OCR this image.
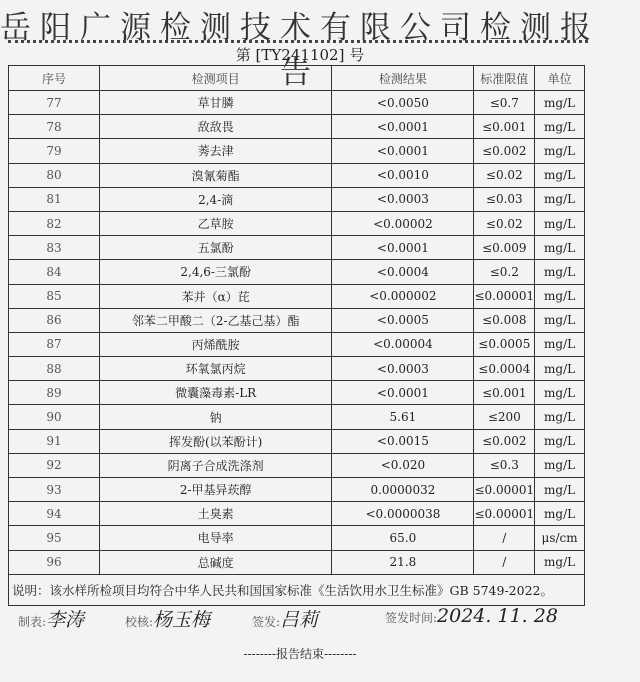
岳阳广源检测技术有限公司检测报告
第 [TY241102] 号
序号	检测项目	检测结果	标准限值	单位
77	草甘膦	<0.0050	≤0.7	mg/L
78	敌敌畏	<0.0001	≤0.001	mg/L
79	莠去津	<0.0001	≤0.002	mg/L
80	溴氰菊酯	<0.0010	≤0.02	mg/L
81	2,4-滴	<0.0003	≤0.03	mg/L
82	乙草胺	<0.00002	≤0.02	mg/L
83	五氯酚	<0.0001	≤0.009	mg/L
84	2,4,6-三氯酚	<0.0004	≤0.2	mg/L
85	苯并（α）芘	<0.000002	≤0.00001	mg/L
86	邻苯二甲酸二（2-乙基己基）酯	<0.0005	≤0.008	mg/L
87	丙烯酰胺	<0.00004	≤0.0005	mg/L
88	环氧氯丙烷	<0.0003	≤0.0004	mg/L
89	微囊藻毒素-LR	<0.0001	≤0.001	mg/L
90	钠	5.61	≤200	mg/L
91	挥发酚(以苯酚计)	<0.0015	≤0.002	mg/L
92	阴离子合成洗涤剂	<0.020	≤0.3	mg/L
93	2-甲基异莰醇	0.0000032	≤0.00001	mg/L
94	土臭素	<0.0000038	≤0.00001	mg/L
95	电导率	65.0	/	μs/cm
96	总碱度	21.8	/	mg/L
说明：该水样所检项目均符合中华人民共和国国家标准《生活饮用水卫生标准》GB 5749-2022。				
制表:李涛	校核:杨玉梅	签发:吕莉	签发时间:2024. 11. 28
--------报告结束--------
